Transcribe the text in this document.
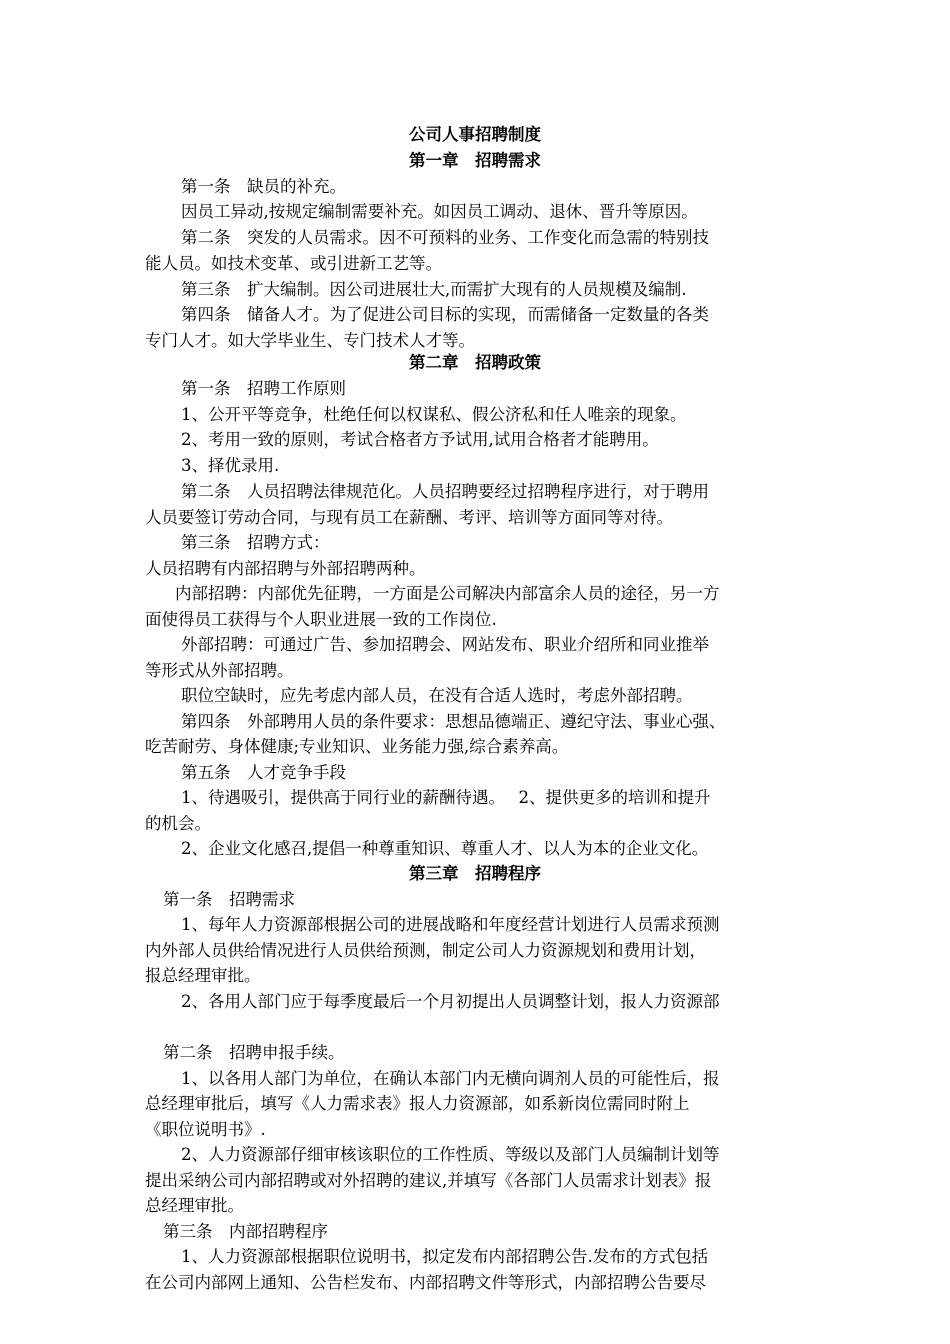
公司人事招聘制度
第一章　招聘需求
第一条　缺员的补充。
因员工异动,按规定编制需要补充。如因员工调动、退休、晋升等原因。
第二条　突发的人员需求。因不可预料的业务、工作变化而急需的特别技
能人员。如技术变革、或引进新工艺等。
第三条　扩大编制。因公司进展壮大,而需扩大现有的人员规模及编制.
第四条　储备人才。为了促进公司目标的实现，而需储备一定数量的各类
专门人才。如大学毕业生、专门技术人才等。
第二章　招聘政策
第一条　招聘工作原则
1、公开平等竞争，杜绝任何以权谋私、假公济私和任人唯亲的现象。
2、考用一致的原则，考试合格者方予试用,试用合格者才能聘用。
3、择优录用.
第二条　人员招聘法律规范化。人员招聘要经过招聘程序进行，对于聘用
人员要签订劳动合同，与现有员工在薪酬、考评、培训等方面同等对待。
第三条　招聘方式：
人员招聘有内部招聘与外部招聘两种。
内部招聘：内部优先征聘，一方面是公司解决内部富余人员的途径，另一方
面使得员工获得与个人职业进展一致的工作岗位.
外部招聘：可通过广告、参加招聘会、网站发布、职业介绍所和同业推举
等形式从外部招聘。
职位空缺时，应先考虑内部人员，在没有合适人选时，考虑外部招聘。
第四条　外部聘用人员的条件要求：思想品德端正、遵纪守法、事业心强、
吃苦耐劳、身体健康;专业知识、业务能力强,综合素养高。
第五条　人才竞争手段
1、待遇吸引，提供高于同行业的薪酬待遇。　 2、提供更多的培训和提升
的机会。
2、企业文化感召,提倡一种尊重知识、尊重人才、以人为本的企业文化。
第三章　招聘程序
第一条　招聘需求
1、每年人力资源部根据公司的进展战略和年度经营计划进行人员需求预测
内外部人员供给情况进行人员供给预测，制定公司人力资源规划和费用计划，
报总经理审批。
2、各用人部门应于每季度最后一个月初提出人员调整计划，报人力资源部
第二条　招聘申报手续。
1、以各用人部门为单位，在确认本部门内无横向调剂人员的可能性后，报
总经理审批后，填写《人力需求表》报人力资源部，如系新岗位需同时附上
《职位说明书》.
2、人力资源部仔细审核该职位的工作性质、等级以及部门人员编制计划等
提出采纳公司内部招聘或对外招聘的建议,并填写《各部门人员需求计划表》报
总经理审批。
第三条　内部招聘程序
1、人力资源部根据职位说明书，拟定发布内部招聘公告.发布的方式包括
在公司内部网上通知、公告栏发布、内部招聘文件等形式，内部招聘公告要尽
